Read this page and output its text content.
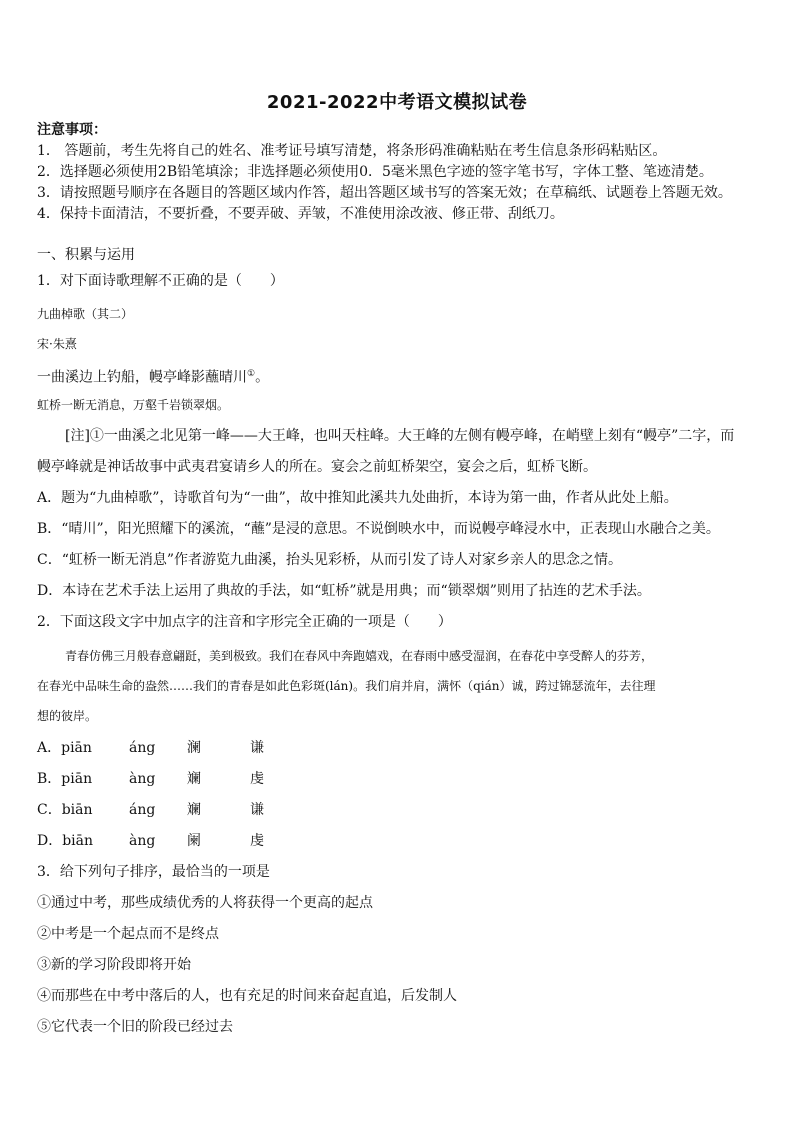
2021-2022中考语文模拟试卷
注意事项：
1． 答题前，考生先将自己的姓名、准考证号填写清楚，将条形码准确粘贴在考生信息条形码粘贴区。
2．选择题必须使用2B铅笔填涂；非选择题必须使用0．5毫米黑色字迹的签字笔书写，字体工整、笔迹清楚。
3．请按照题号顺序在各题目的答题区域内作答，超出答题区域书写的答案无效；在草稿纸、试题卷上答题无效。
4．保持卡面清洁，不要折叠，不要弄破、弄皱，不准使用涂改液、修正带、刮纸刀。
一、积累与运用
1．对下面诗歌理解不正确的是（　　）
九曲棹歌（其二）
宋·朱熹
一曲溪边上钓船，幔亭峰影蘸晴川①。
虹桥一断无消息，万壑千岩锁翠烟。
[注]①一曲溪之北见第一峰——大王峰，也叫天柱峰。大王峰的左侧有幔亭峰，在峭壁上刻有“幔亭”二字，而
幔亭峰就是神话故事中武夷君宴请乡人的所在。宴会之前虹桥架空，宴会之后，虹桥飞断。
A．题为“九曲棹歌”，诗歌首句为“一曲”，故中推知此溪共九处曲折，本诗为第一曲，作者从此处上船。
B．“晴川”，阳光照耀下的溪流，“蘸”是浸的意思。不说倒映水中，而说幔亭峰浸水中，正表现山水融合之美。
C．“虹桥一断无消息”作者游览九曲溪，抬头见彩桥，从而引发了诗人对家乡亲人的思念之情。
D．本诗在艺术手法上运用了典故的手法，如“虹桥”就是用典；而“锁翠烟”则用了拈连的艺术手法。
2．下面这段文字中加点字的注音和字形完全正确的一项是（　　）
青春仿佛三月般春意翩跹，美到极致。我们在春风中奔跑嬉戏，在春雨中感受湿润，在春花中享受醉人的芬芳，
在春光中品味生命的盎然……我们的青春是如此色彩斑(lán)。我们肩并肩，满怀（qián）诚，跨过锦瑟流年，去往理
想的彼岸。
A．piān	áng 澜	谦
B．piān	àng 斓	虔
C．biān	áng 斓	谦
D．biān	àng 阑	虔
3．给下列句子排序，最恰当的一项是
①通过中考，那些成绩优秀的人将获得一个更高的起点
②中考是一个起点而不是终点
③新的学习阶段即将开始
④而那些在中考中落后的人，也有充足的时间来奋起直追，后发制人
⑤它代表一个旧的阶段已经过去
